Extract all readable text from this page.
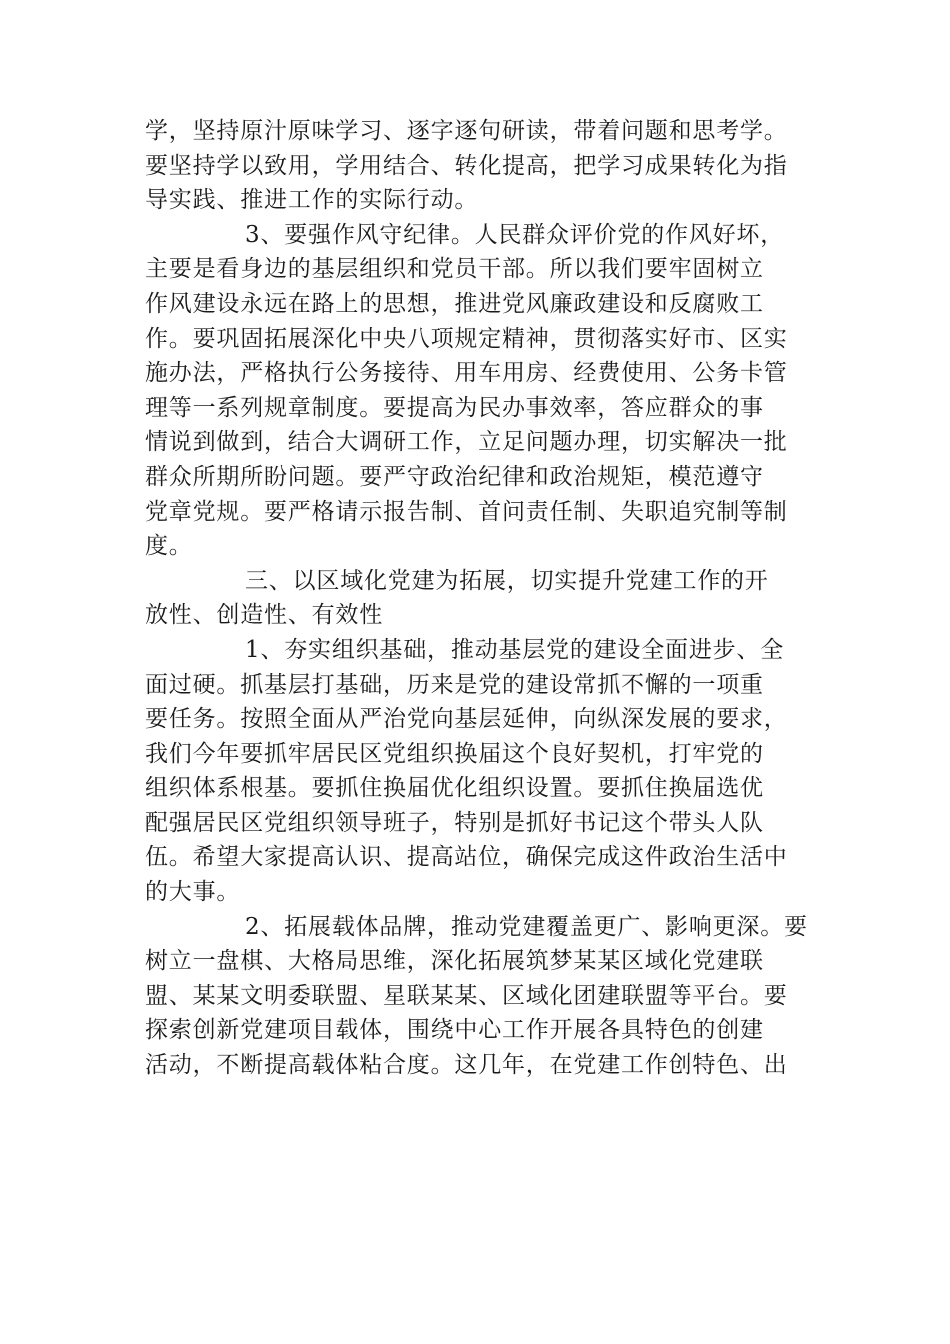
学，坚持原汁原味学习、逐字逐句研读，带着问题和思考学。
要坚持学以致用，学用结合、转化提高，把学习成果转化为指
导实践、推进工作的实际行动。
3、要强作风守纪律。人民群众评价党的作风好坏，
主要是看身边的基层组织和党员干部。所以我们要牢固树立
作风建设永远在路上的思想，推进党风廉政建设和反腐败工
作。要巩固拓展深化中央八项规定精神，贯彻落实好市、区实
施办法，严格执行公务接待、用车用房、经费使用、公务卡管
理等一系列规章制度。要提高为民办事效率，答应群众的事
情说到做到，结合大调研工作，立足问题办理，切实解决一批
群众所期所盼问题。要严守政治纪律和政治规矩，模范遵守
党章党规。要严格请示报告制、首问责任制、失职追究制等制
度。
三、以区域化党建为拓展，切实提升党建工作的开
放性、创造性、有效性
1、夯实组织基础，推动基层党的建设全面进步、全
面过硬。抓基层打基础，历来是党的建设常抓不懈的一项重
要任务。按照全面从严治党向基层延伸，向纵深发展的要求，
我们今年要抓牢居民区党组织换届这个良好契机，打牢党的
组织体系根基。要抓住换届优化组织设置。要抓住换届选优
配强居民区党组织领导班子，特别是抓好书记这个带头人队
伍。希望大家提高认识、提高站位，确保完成这件政治生活中
的大事。
2、拓展载体品牌，推动党建覆盖更广、影响更深。要
树立一盘棋、大格局思维，深化拓展筑梦某某区域化党建联
盟、某某文明委联盟、星联某某、区域化团建联盟等平台。要
探索创新党建项目载体，围绕中心工作开展各具特色的创建
活动，不断提高载体粘合度。这几年，在党建工作创特色、出
